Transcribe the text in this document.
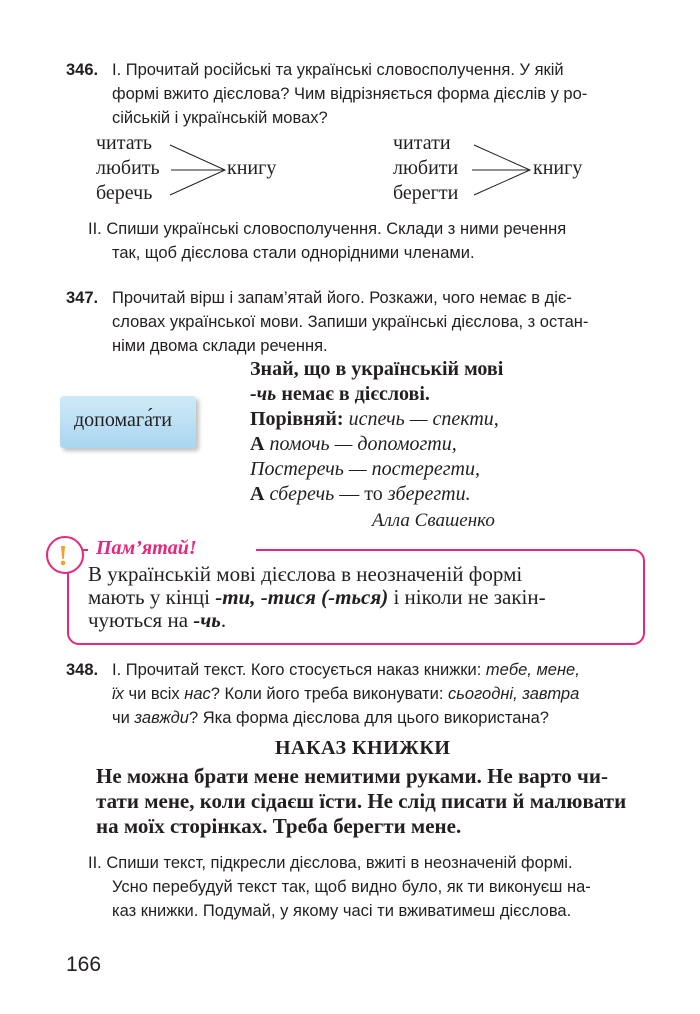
346. І. Прочитай російські та українські словосполучення. У якій
формі вжито дієслова? Чим відрізняється форма дієслів у ро-
сійській і українській мовах?
читать
любить
беречь
книгу
читати
любити
берегти
книгу
ІІ. Спиши українські словосполучення. Склади з ними речення
так, щоб дієслова стали однорідними членами.
347. Прочитай вірш і запам’ятай його. Розкажи, чого немає в діє-
словах української мови. Запиши українські дієслова, з остан-
німи двома склади речення.
допомага́ти
Знай, що в українській мові
-чь немає в дієслові.
Порівняй: испечь — спекти,
А помочь — допомогти,
Постеречь — постерегти,
А сберечь — то зберегти.
Алла Свашенко
! Пам’ятай!
В українській мові дієслова в неозначеній формі
мають у кінці -ти, -тися (-ться) і ніколи не закін-
чуються на -чь.
348. І. Прочитай текст. Кого стосується наказ книжки: тебе, мене,
їх чи всіх нас? Коли його треба виконувати: сьогодні, завтра
чи завжди? Яка форма дієслова для цього використана?
НАКАЗ КНИЖКИ
Не можна брати мене немитими руками. Не варто чи-
тати мене, коли сідаєш їсти. Не слід писати й малювати
на моїх сторінках. Треба берегти мене.
ІІ. Спиши текст, підкресли дієслова, вжиті в неозначеній формі.
Усно перебудуй текст так, щоб видно було, як ти виконуєш на-
каз книжки. Подумай, у якому часі ти вживатимеш дієслова.
166
